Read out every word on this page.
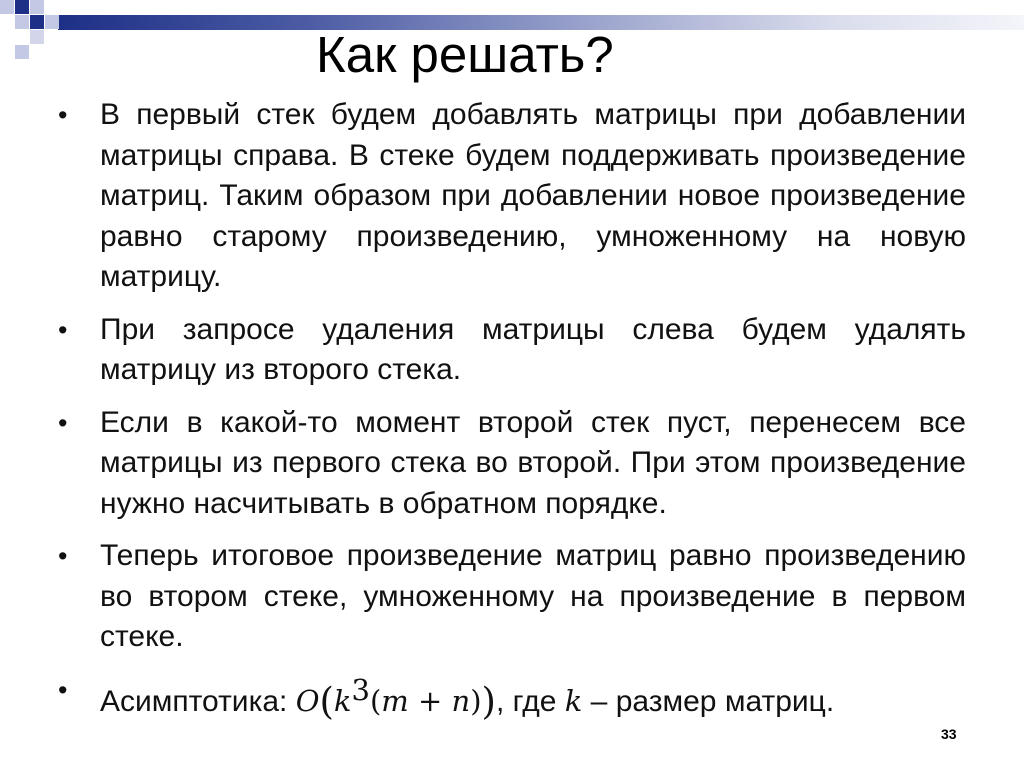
Как решать?
• В первый стек будем добавлять матрицы при добавлении матрицы справа. В стеке будем поддерживать произведение матриц. Таким образом при добавлении новое произведение равно старому произведению, умноженному на новую матрицу.
• При запросе удаления матрицы слева будем удалять матрицу из второго стека.
• Если в какой-то момент второй стек пуст, перенесем все матрицы из первого стека во второй. При этом произведение нужно насчитывать в обратном порядке.
• Теперь итоговое произведение матриц равно произведению во втором стеке, умноженному на произведение в первом стеке.
• Асимптотика: $O(k^3(m + n))$, где k – размер матриц.
33
